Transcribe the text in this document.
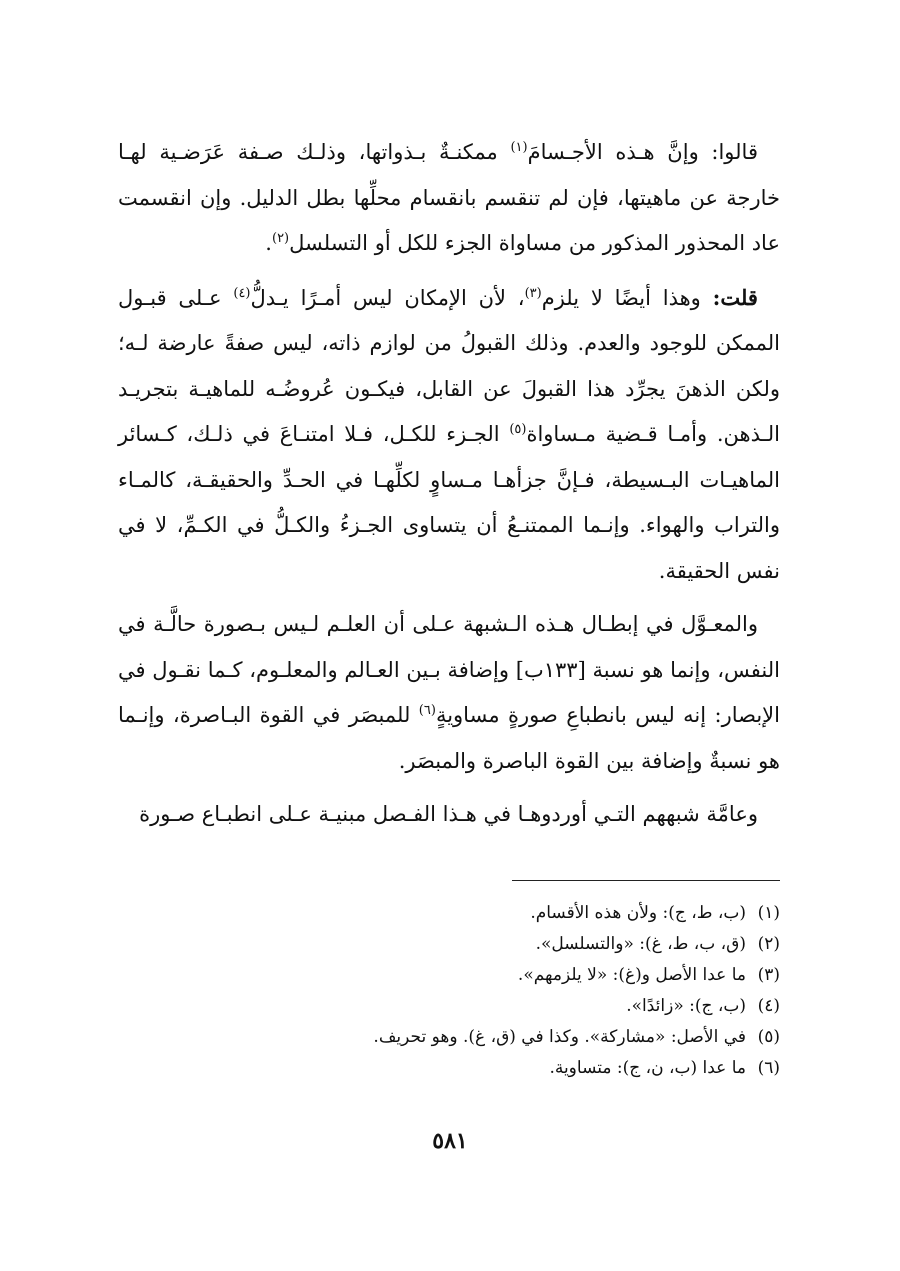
قالوا: وإنَّ هـذه الأجـسامَ$^{(١)}$ ممكنـةٌ بـذواتها، وذلـك صـفة عَرَضـية لهـا خارجة عن ماهيتها، فإن لم تنقسم بانقسام محلِّها بطل الدليل. وإن انقسمت عاد المحذور المذكور من مساواة الجزء للكل أو التسلسل$^{(٢)}$.

قلت: وهذا أيضًا لا يلزم$^{(٣)}$، لأن الإمكان ليس أمـرًا يـدلُّ$^{(٤)}$ عـلى قبـول الممكن للوجود والعدم. وذلك القبولُ من لوازم ذاته، ليس صفةً عارضة لـه؛ ولكن الذهنَ يجرِّد هذا القبولَ عن القابل، فيكـون عُروضُـه للماهيـة بتجريـد الـذهن. وأمـا قـضية مـساواة$^{(٥)}$ الجـزء للكـل، فـلا امتنـاعَ في ذلـك، كـسائر الماهيـات البـسيطة، فـإنَّ جزأهـا مـساوٍ لكلِّهـا في الحـدِّ والحقيقـة، كالمـاء والتراب والهواء. وإنـما الممتنـعُ أن يتساوى الجـزءُ والكـلُّ في الكـمِّ، لا في نفس الحقيقة.

والمعـوَّل في إبطـال هـذه الـشبهة عـلى أن العلـم لـيس بـصورة حالَّـة في النفس، وإنما هو نسبة [١٣٣ب] وإضافة بـين العـالم والمعلـوم، كـما نقـول في الإبصار: إنه ليس بانطباعِ صورةٍ مساويةٍ$^{(٦)}$ للمبصَر في القوة البـاصرة، وإنـما هو نسبةٌ وإضافة بين القوة الباصرة والمبصَر.

وعامَّة شبههم التـي أوردوهـا في هـذا الفـصل مبنيـة عـلى انطبـاع صـورة

(١)(ب، ط، ج): ولأن هذه الأقسام.
(٢)(ق، ب، ط، غ): «والتسلسل».
(٣)ما عدا الأصل و(غ): «لا يلزمهم».
(٤)(ب، ج): «زائدًا».
(٥)في الأصل: «مشاركة». وكذا في (ق، غ). وهو تحريف.
(٦)ما عدا (ب، ن، ج): متساوية.
٥٨١
